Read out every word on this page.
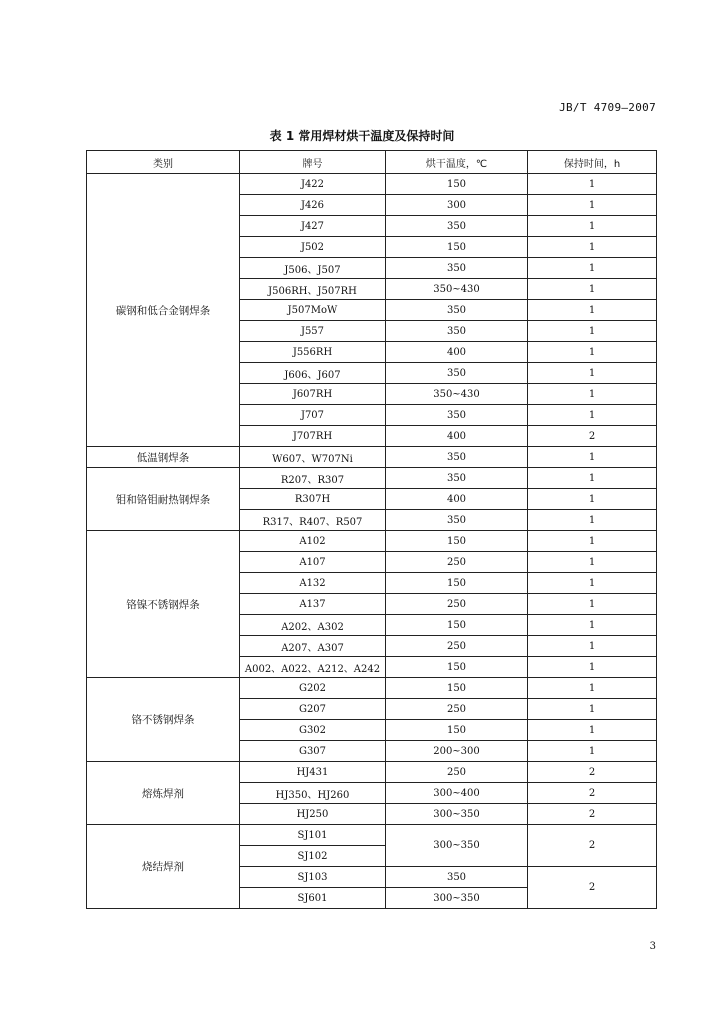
JB/T 4709—2007
表 1 常用焊材烘干温度及保持时间
类别	牌号	烘干温度，℃	保持时间，h
碳钢和低合金钢焊条	J422	150	1
	J426	300	1
	J427	350	1
	J502	150	1
	J506、J507	350	1
	J506RH、J507RH	350~430	1
	J507MoW	350	1
	J557	350	1
	J556RH	400	1
	J606、J607	350	1
	J607RH	350~430	1
	J707	350	1
	J707RH	400	2
低温钢焊条	W607、W707Ni	350	1
钼和铬钼耐热钢焊条	R207、R307	350	1
	R307H	400	1
	R317、R407、R507	350	1
铬镍不锈钢焊条	A102	150	1
	A107	250	1
	A132	150	1
	A137	250	1
	A202、A302	150	1
	A207、A307	250	1
	A002、A022、A212、A242	150	1
铬不锈钢焊条	G202	150	1
	G207	250	1
	G302	150	1
	G307	200~300	1
熔炼焊剂	HJ431	250	2
	HJ350、HJ260	300~400	2
	HJ250	300~350	2
烧结焊剂	SJ101	300~350	2
	SJ102		
	SJ103	350	2
	SJ601	300~350	
3
